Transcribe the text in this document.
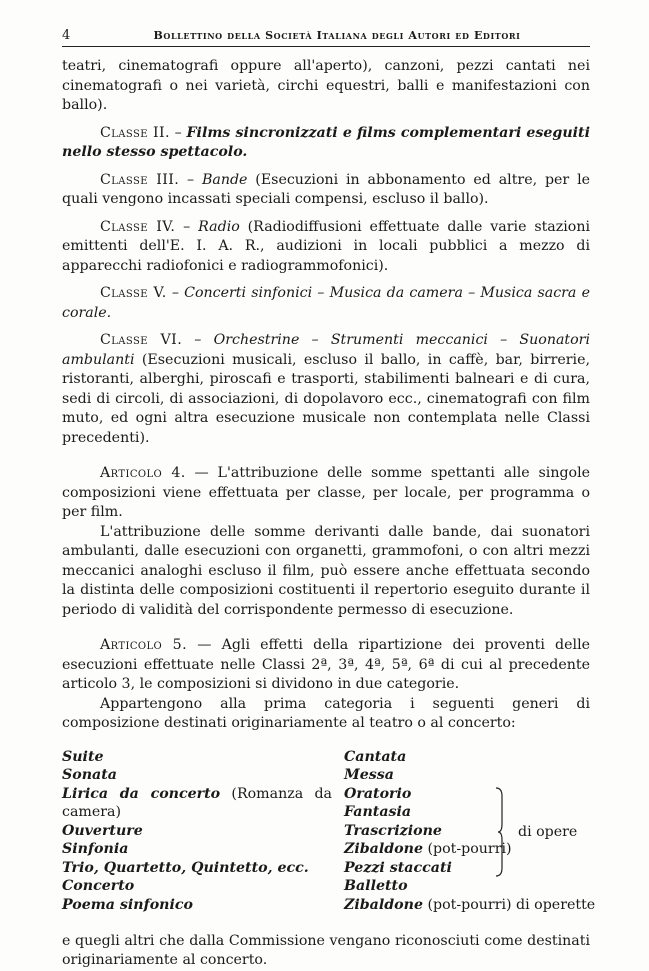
4	Bollettino della Società Italiana degli Autori ed Editori

teatri, cinematografi oppure all'aperto), canzoni, pezzi cantati nei cinematografi o nei varietà, circhi equestri, balli e manifestazioni con ballo).

Classe II. – Films sincronizzati e films complementari eseguiti nello stesso spettacolo.

Classe III. – Bande (Esecuzioni in abbonamento ed altre, per le quali vengono incassati speciali compensi, escluso il ballo).

Classe IV. – Radio (Radiodiffusioni effettuate dalle varie stazioni emittenti dell'E. I. A. R., audizioni in locali pubblici a mezzo di apparecchi radiofonici e radiogrammofonici).

Classe V. – Concerti sinfonici – Musica da camera – Musica sacra e corale.

Classe VI. – Orchestrine – Strumenti meccanici – Suonatori ambulanti (Esecuzioni musicali, escluso il ballo, in caffè, bar, birrerie, ristoranti, alberghi, piroscafi e trasporti, stabilimenti balneari e di cura, sedi di circoli, di associazioni, di dopolavoro ecc., cinematografi con film muto, ed ogni altra esecuzione musicale non contemplata nelle Classi precedenti).

Articolo 4. — L'attribuzione delle somme spettanti alle singole composizioni viene effettuata per classe, per locale, per programma o per film.

L'attribuzione delle somme derivanti dalle bande, dai suonatori ambulanti, dalle esecuzioni con organetti, grammofoni, o con altri mezzi meccanici analoghi escluso il film, può essere anche effettuata secondo la distinta delle composizioni costituenti il repertorio eseguito durante il periodo di validità del corrispondente permesso di esecuzione.

Articolo 5. — Agli effetti della ripartizione dei proventi delle esecuzioni effettuate nelle Classi 2ª, 3ª, 4ª, 5ª, 6ª di cui al precedente articolo 3, le composizioni si dividono in due categorie.

Appartengono alla prima categoria i seguenti generi di composizione destinati originariamente al teatro o al concerto:

Suite

Sonata

Lirica da concerto (Romanza da camera)

Ouverture

Sinfonia

Trio, Quartetto, Quintetto, ecc.

Concerto

Poema sinfonico

Cantata

Messa

Oratorio

Fantasia

Trascrizione

Zibaldone (pot-pourri)

Pezzi staccati

Balletto

Zibaldone (pot-pourri) di operette

di opere

e quegli altri che dalla Commissione vengano riconosciuti come destinati originariamente al concerto.
